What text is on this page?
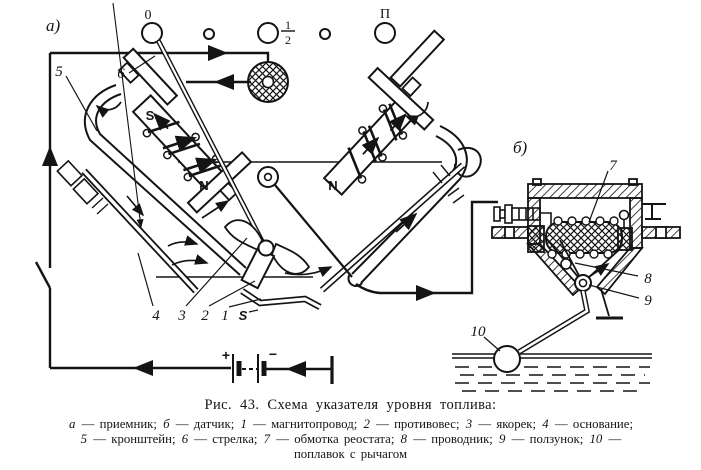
а)
б)
0
1
2
П
S
N	N
S
5	6
4 3 2 1
7
8
9
10
+	−
Рис. 43. Схема указателя уровня топлива:
а — приемник; б — датчик; 1 — магнитопровод; 2 — противовес; 3 — якорек; 4 — основание;
5 — кронштейн; 6 — стрелка; 7 — обмотка реостата; 8 — проводник; 9 — ползунок; 10 —
поплавок с рычагом
